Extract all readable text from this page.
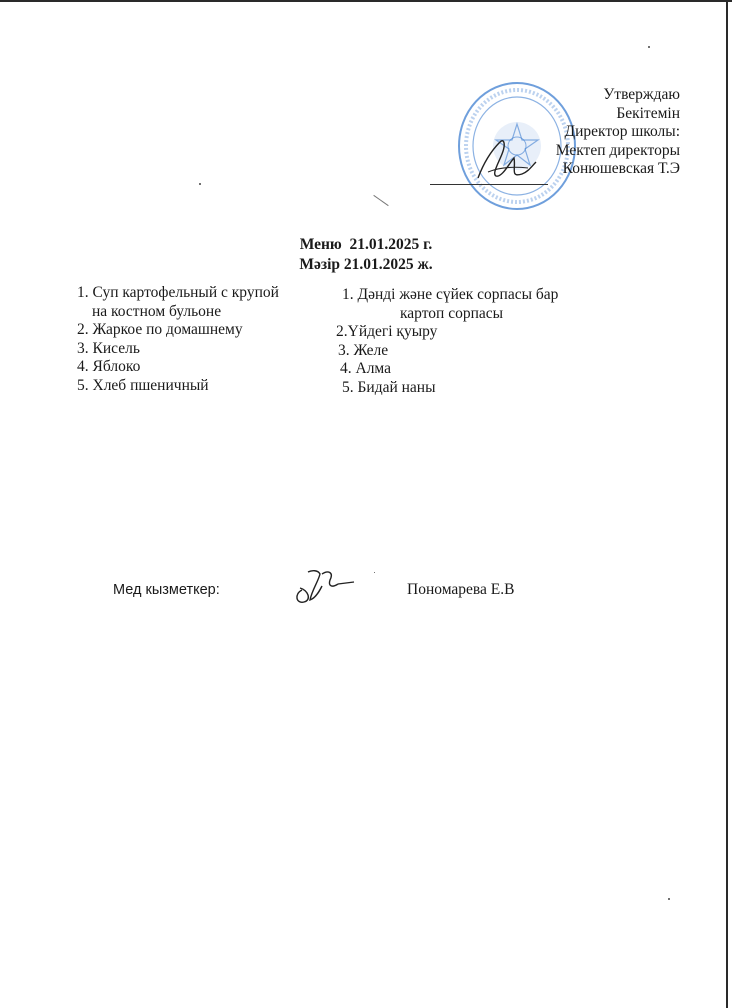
Утверждаю
Бекітемін
Директор школы:
Мектеп директоры
Конюшевская Т.Э
Меню  21.01.2025 г.
Мәзір 21.01.2025 ж.
1. Суп картофельный с крупой
на костном бульоне
2. Жаркое по домашнему
3. Кисель
4. Яблоко
5. Хлеб пшеничный
1. Дәнді және сүйек сорпасы бар
картоп сорпасы
2.Үйдегі қуыру
3. Желе
4. Алма
5. Бидай наны
Мед кызметкер:	Пономарева Е.В
